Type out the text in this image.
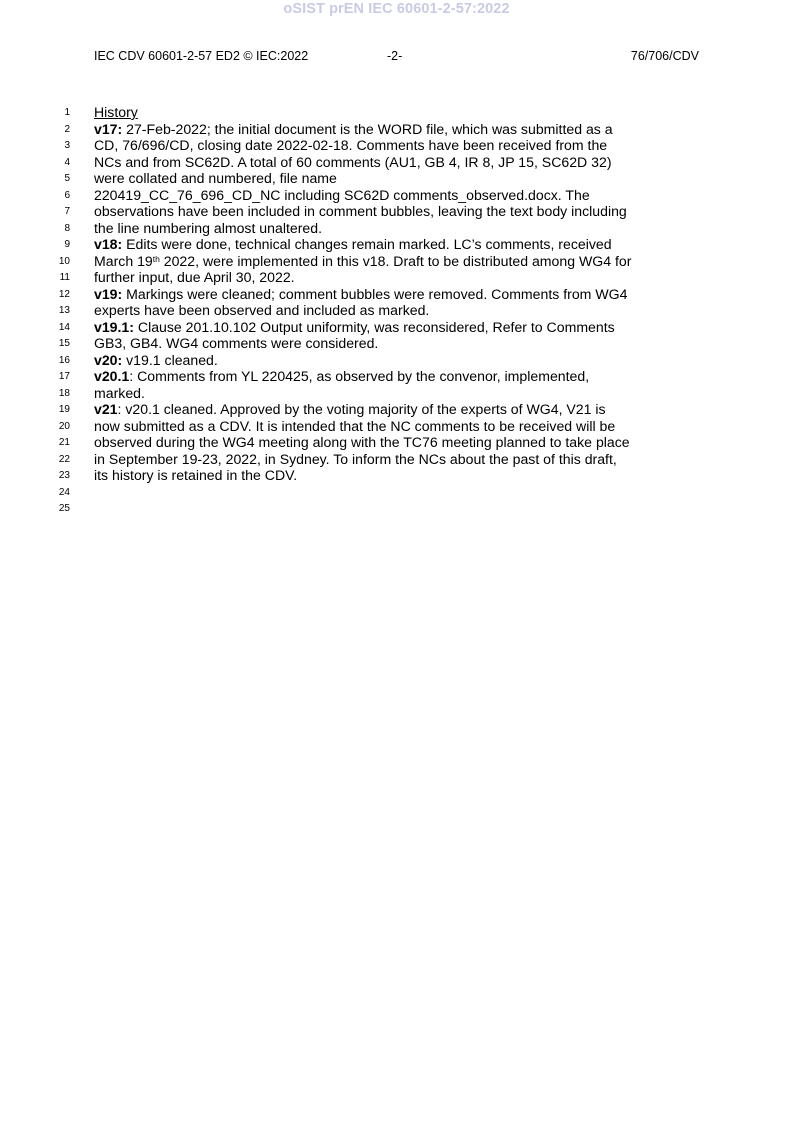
oSIST prEN IEC 60601-2-57:2022
IEC CDV 60601-2-57 ED2 © IEC:2022	-2-	76/706/CDV
1 History
2 v17: 27-Feb-2022; the initial document is the WORD file, which was submitted as a
3 CD, 76/696/CD, closing date 2022-02-18. Comments have been received from the
4 NCs and from SC62D. A total of 60 comments (AU1, GB 4, IR 8, JP 15, SC62D 32)
5 were collated and numbered, file name
6 220419_CC_76_696_CD_NC including SC62D comments_observed.docx. The
7 observations have been included in comment bubbles, leaving the text body including
8 the line numbering almost unaltered.
9 v18: Edits were done, technical changes remain marked. LC’s comments, received
10 March 19th 2022, were implemented in this v18. Draft to be distributed among WG4 for
11 further input, due April 30, 2022.
12 v19: Markings were cleaned; comment bubbles were removed. Comments from WG4
13 experts have been observed and included as marked.
14 v19.1: Clause 201.10.102 Output uniformity, was reconsidered, Refer to Comments
15 GB3, GB4. WG4 comments were considered.
16 v20: v19.1 cleaned.
17 v20.1: Comments from YL 220425, as observed by the convenor, implemented,
18 marked.
19 v21: v20.1 cleaned. Approved by the voting majority of the experts of WG4, V21 is
20 now submitted as a CDV. It is intended that the NC comments to be received will be
21 observed during the WG4 meeting along with the TC76 meeting planned to take place
22 in September 19-23, 2022, in Sydney. To inform the NCs about the past of this draft,
23 its history is retained in the CDV.
24
25
